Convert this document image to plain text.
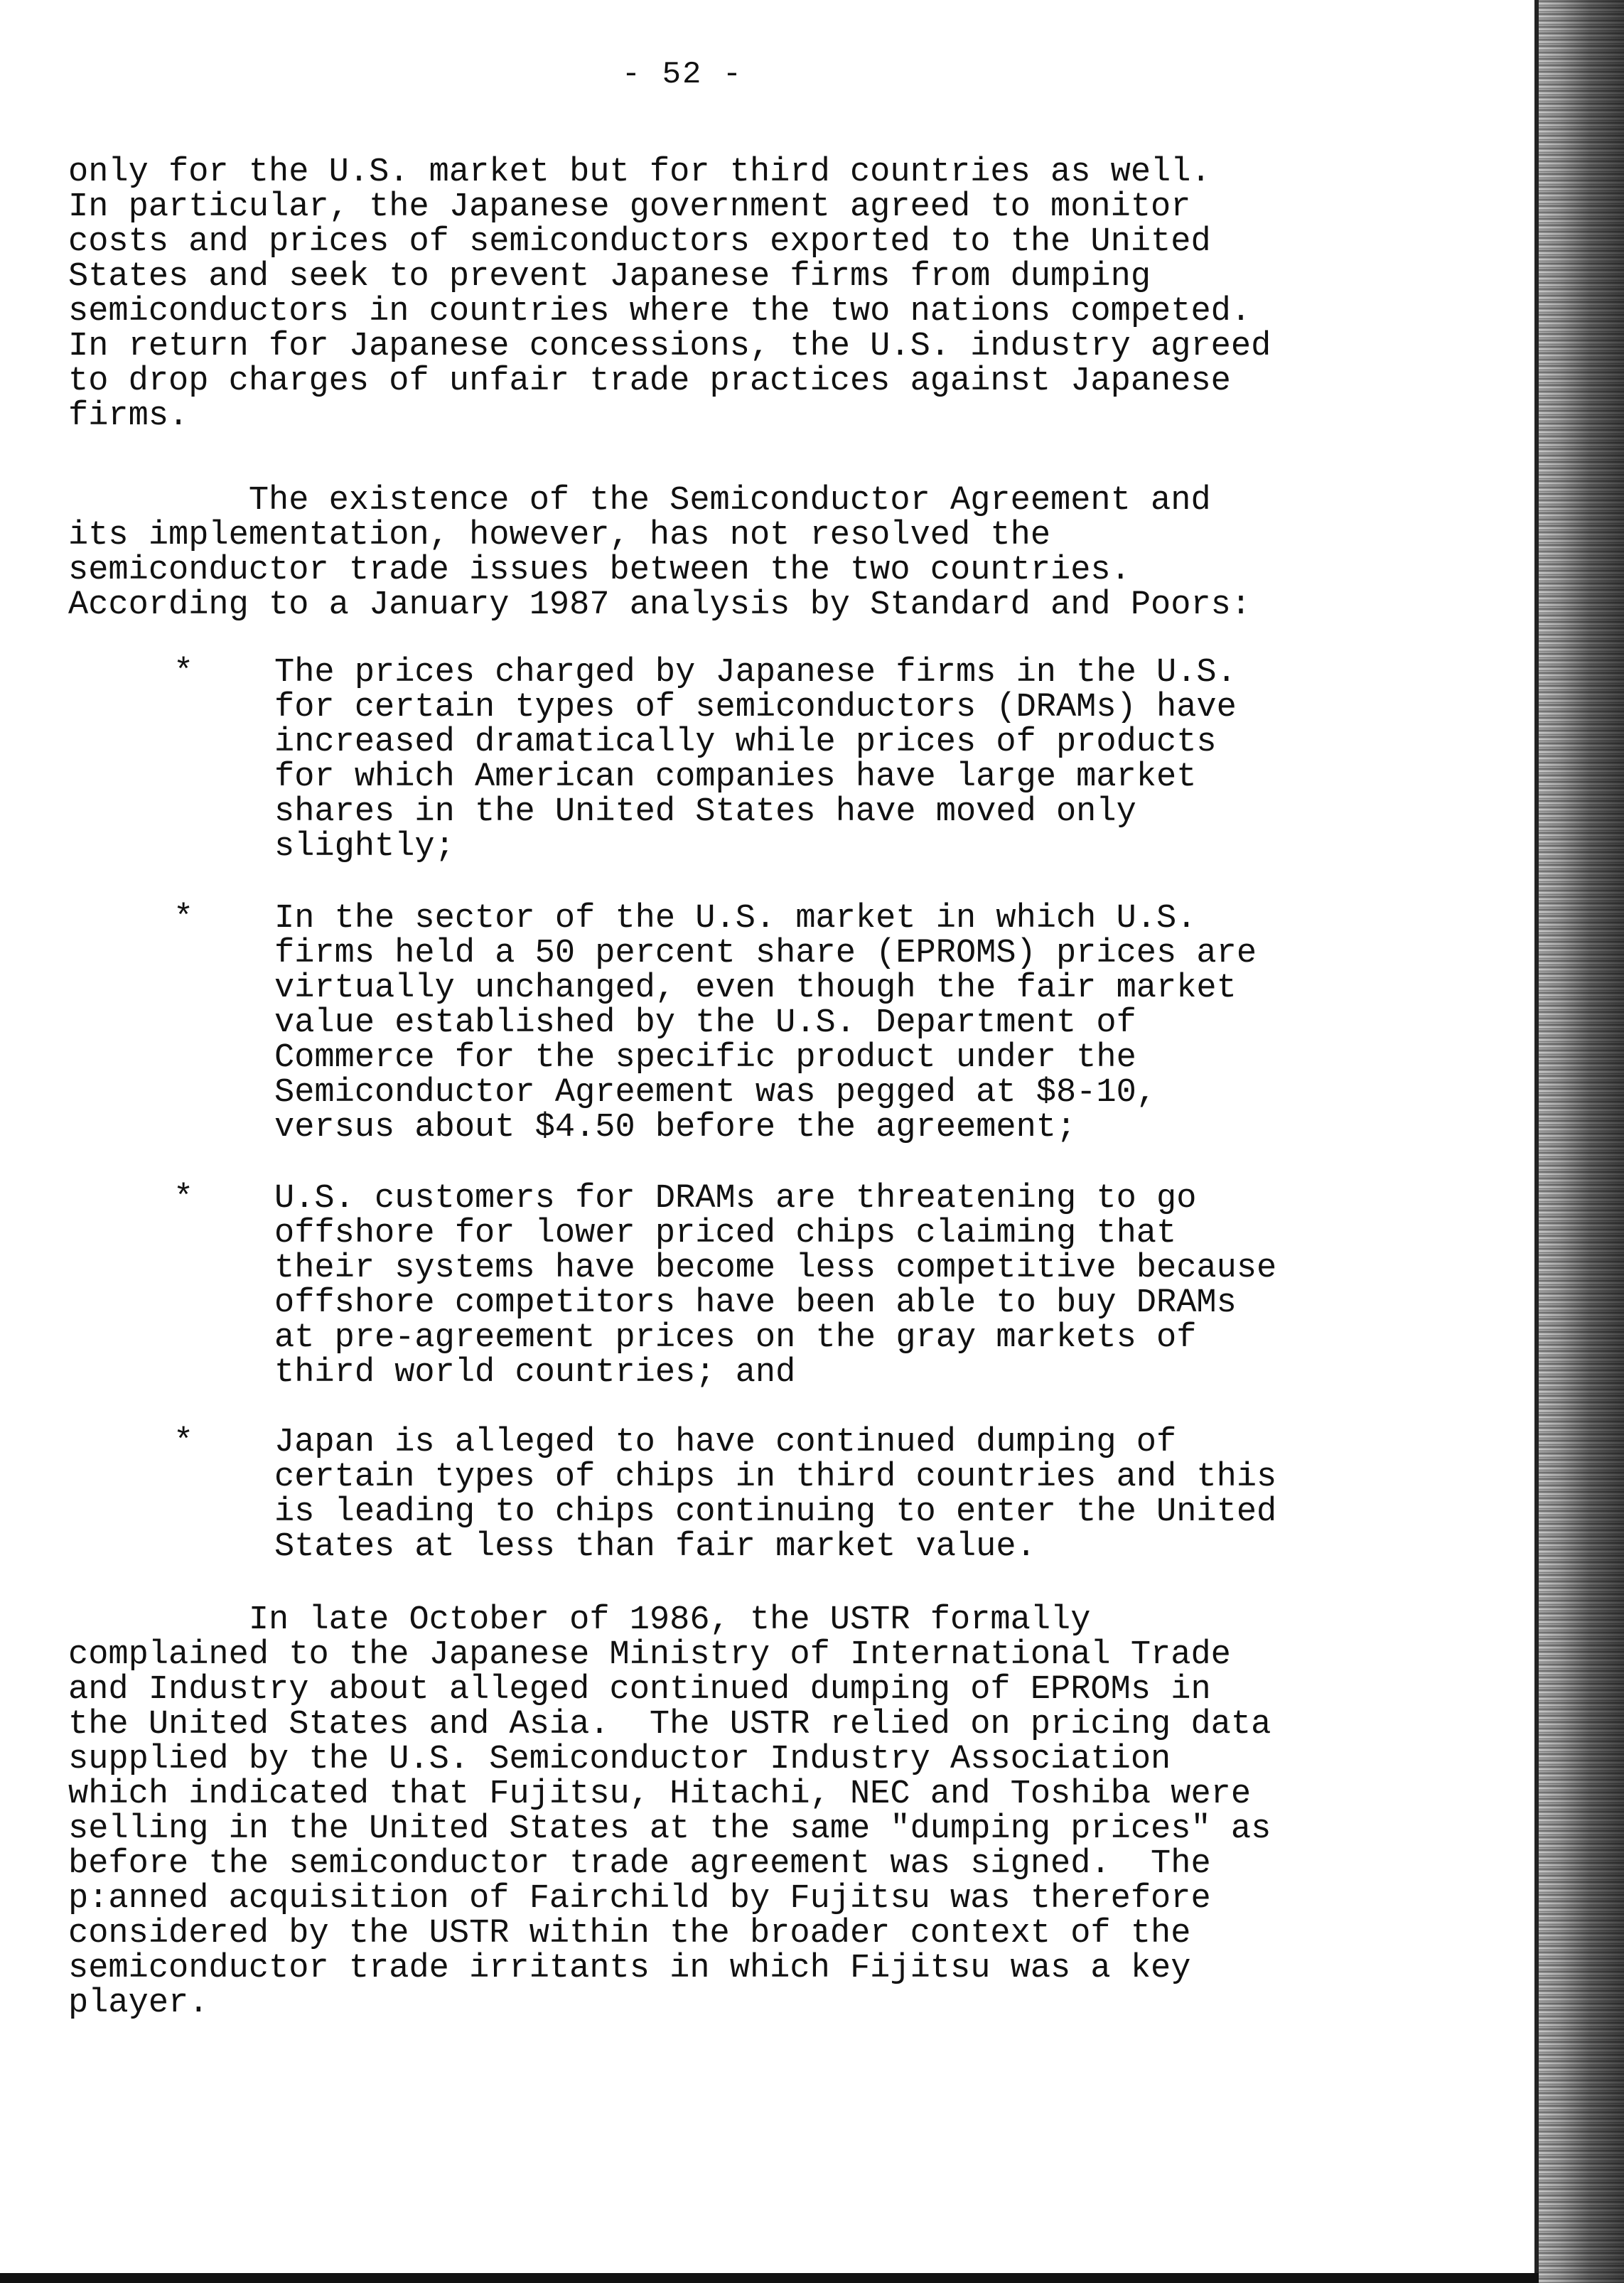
- 52 -

only for the U.S. market but for third countries as well.
In particular, the Japanese government agreed to monitor
costs and prices of semiconductors exported to the United
States and seek to prevent Japanese firms from dumping
semiconductors in countries where the two nations competed.
In return for Japanese concessions, the U.S. industry agreed
to drop charges of unfair trade practices against Japanese
firms.

The existence of the Semiconductor Agreement and
its implementation, however, has not resolved the
semiconductor trade issues between the two countries.
According to a January 1987 analysis by Standard and Poors:

* The prices charged by Japanese firms in the U.S.
for certain types of semiconductors (DRAMs) have
increased dramatically while prices of products
for which American companies have large market
shares in the United States have moved only
slightly;

* In the sector of the U.S. market in which U.S.
firms held a 50 percent share (EPROMS) prices are
virtually unchanged, even though the fair market
value established by the U.S. Department of
Commerce for the specific product under the
Semiconductor Agreement was pegged at $8-10,
versus about $4.50 before the agreement;

* U.S. customers for DRAMs are threatening to go
offshore for lower priced chips claiming that
their systems have become less competitive because
offshore competitors have been able to buy DRAMs
at pre-agreement prices on the gray markets of
third world countries; and

* Japan is alleged to have continued dumping of
certain types of chips in third countries and this
is leading to chips continuing to enter the United
States at less than fair market value.

In late October of 1986, the USTR formally
complained to the Japanese Ministry of International Trade
and Industry about alleged continued dumping of EPROMs in
the United States and Asia.  The USTR relied on pricing data
supplied by the U.S. Semiconductor Industry Association
which indicated that Fujitsu, Hitachi, NEC and Toshiba were
selling in the United States at the same "dumping prices" as
before the semiconductor trade agreement was signed.  The
p:anned acquisition of Fairchild by Fujitsu was therefore
considered by the USTR within the broader context of the
semiconductor trade irritants in which Fijitsu was a key
player.
